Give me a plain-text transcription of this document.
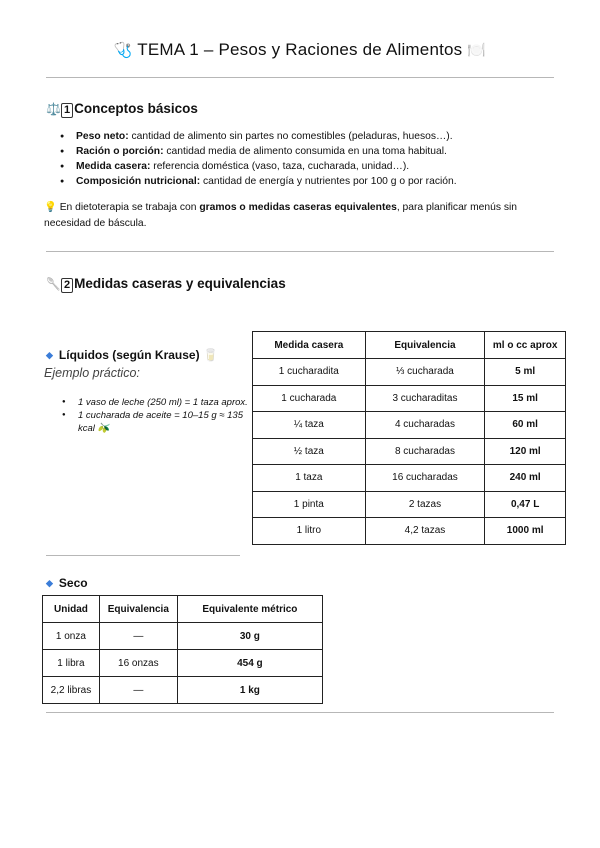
🩺 TEMA 1 – Pesos y Raciones de Alimentos 🍽️
⚖️ 1 Conceptos básicos
● Peso neto: cantidad de alimento sin partes no comestibles (peladuras, huesos…).
● Ración o porción: cantidad media de alimento consumida en una toma habitual.
● Medida casera: referencia doméstica (vaso, taza, cucharada, unidad…).
● Composición nutricional: cantidad de energía y nutrientes por 100 g o por ración.
💡 En dietoterapia se trabaja con gramos o medidas caseras equivalentes, para planificar menús sin necesidad de báscula.
🥄 2 Medidas caseras y equivalencias
◆ Líquidos (según Krause) 🥛
Ejemplo práctico:
● 1 vaso de leche (250 ml) = 1 taza aprox.
● 1 cucharada de aceite = 10–15 g ≈ 135 kcal 🫒
Medida casera	Equivalencia	ml o cc aprox
1 cucharadita	⅓ cucharada	5 ml
1 cucharada	3 cucharaditas	15 ml
¼ taza	4 cucharadas	60 ml
½ taza	8 cucharadas	120 ml
1 taza	16 cucharadas	240 ml
1 pinta	2 tazas	0,47 L
1 litro	4,2 tazas	1000 ml
◆ Seco
Unidad	Equivalencia	Equivalente métrico
1 onza	—	30 g
1 libra	16 onzas	454 g
2,2 libras	—	1 kg
